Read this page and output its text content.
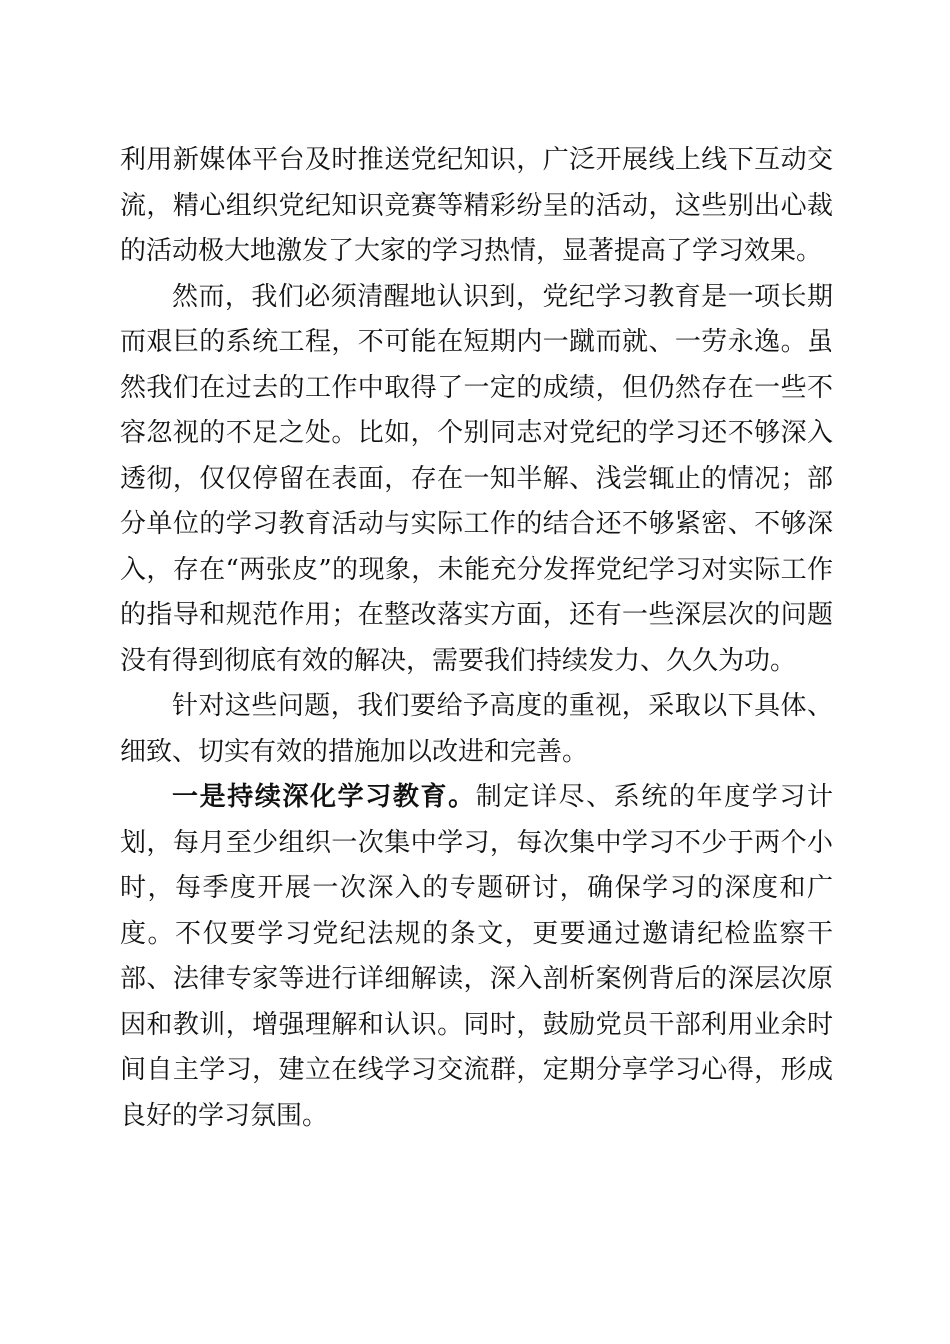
利用新媒体平台及时推送党纪知识，广泛开展线上线下互动交流，精心组织党纪知识竞赛等精彩纷呈的活动，这些别出心裁的活动极大地激发了大家的学习热情，显著提高了学习效果。

然而，我们必须清醒地认识到，党纪学习教育是一项长期而艰巨的系统工程，不可能在短期内一蹴而就、一劳永逸。虽然我们在过去的工作中取得了一定的成绩，但仍然存在一些不容忽视的不足之处。比如，个别同志对党纪的学习还不够深入透彻，仅仅停留在表面，存在一知半解、浅尝辄止的情况；部分单位的学习教育活动与实际工作的结合还不够紧密、不够深入，存在“两张皮”的现象，未能充分发挥党纪学习对实际工作的指导和规范作用；在整改落实方面，还有一些深层次的问题没有得到彻底有效的解决，需要我们持续发力、久久为功。

针对这些问题，我们要给予高度的重视，采取以下具体、细致、切实有效的措施加以改进和完善。

一是持续深化学习教育。制定详尽、系统的年度学习计划，每月至少组织一次集中学习，每次集中学习不少于两个小时，每季度开展一次深入的专题研讨，确保学习的深度和广度。不仅要学习党纪法规的条文，更要通过邀请纪检监察干部、法律专家等进行详细解读，深入剖析案例背后的深层次原因和教训，增强理解和认识。同时，鼓励党员干部利用业余时间自主学习，建立在线学习交流群，定期分享学习心得，形成良好的学习氛围。
